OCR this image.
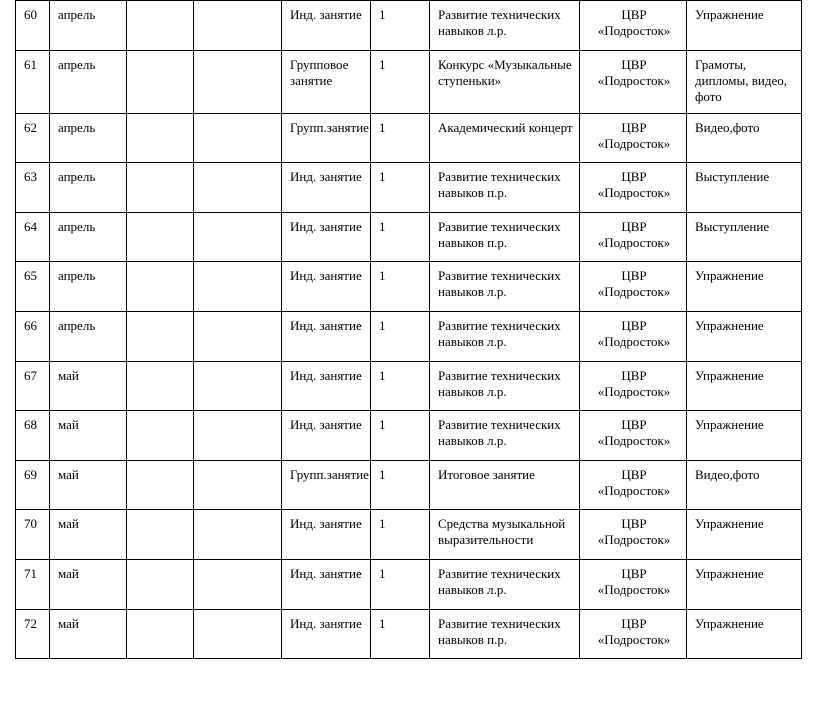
60	апрель			Инд. занятие	1	Развитие технических навыков л.р.	ЦВР «Подросток»	Упражнение
61	апрель			Групповое занятие	1	Конкурс «Музыкальные ступеньки»	ЦВР «Подросток»	Грамоты, дипломы, видео, фото
62	апрель			Групп.занятие	1	Академический концерт	ЦВР «Подросток»	Видео,фото
63	апрель			Инд. занятие	1	Развитие технических навыков п.р.	ЦВР «Подросток»	Выступление
64	апрель			Инд. занятие	1	Развитие технических навыков п.р.	ЦВР «Подросток»	Выступление
65	апрель			Инд. занятие	1	Развитие технических навыков л.р.	ЦВР «Подросток»	Упражнение
66	апрель			Инд. занятие	1	Развитие технических навыков л.р.	ЦВР «Подросток»	Упражнение
67	май			Инд. занятие	1	Развитие технических навыков л.р.	ЦВР «Подросток»	Упражнение
68	май			Инд. занятие	1	Развитие технических навыков л.р.	ЦВР «Подросток»	Упражнение
69	май			Групп.занятие	1	Итоговое занятие	ЦВР «Подросток»	Видео,фото
70	май			Инд. занятие	1	Средства музыкальной выразительности	ЦВР «Подросток»	Упражнение
71	май			Инд. занятие	1	Развитие технических навыков л.р.	ЦВР «Подросток»	Упражнение
72	май			Инд. занятие	1	Развитие технических навыков п.р.	ЦВР «Подросток»	Упражнение
